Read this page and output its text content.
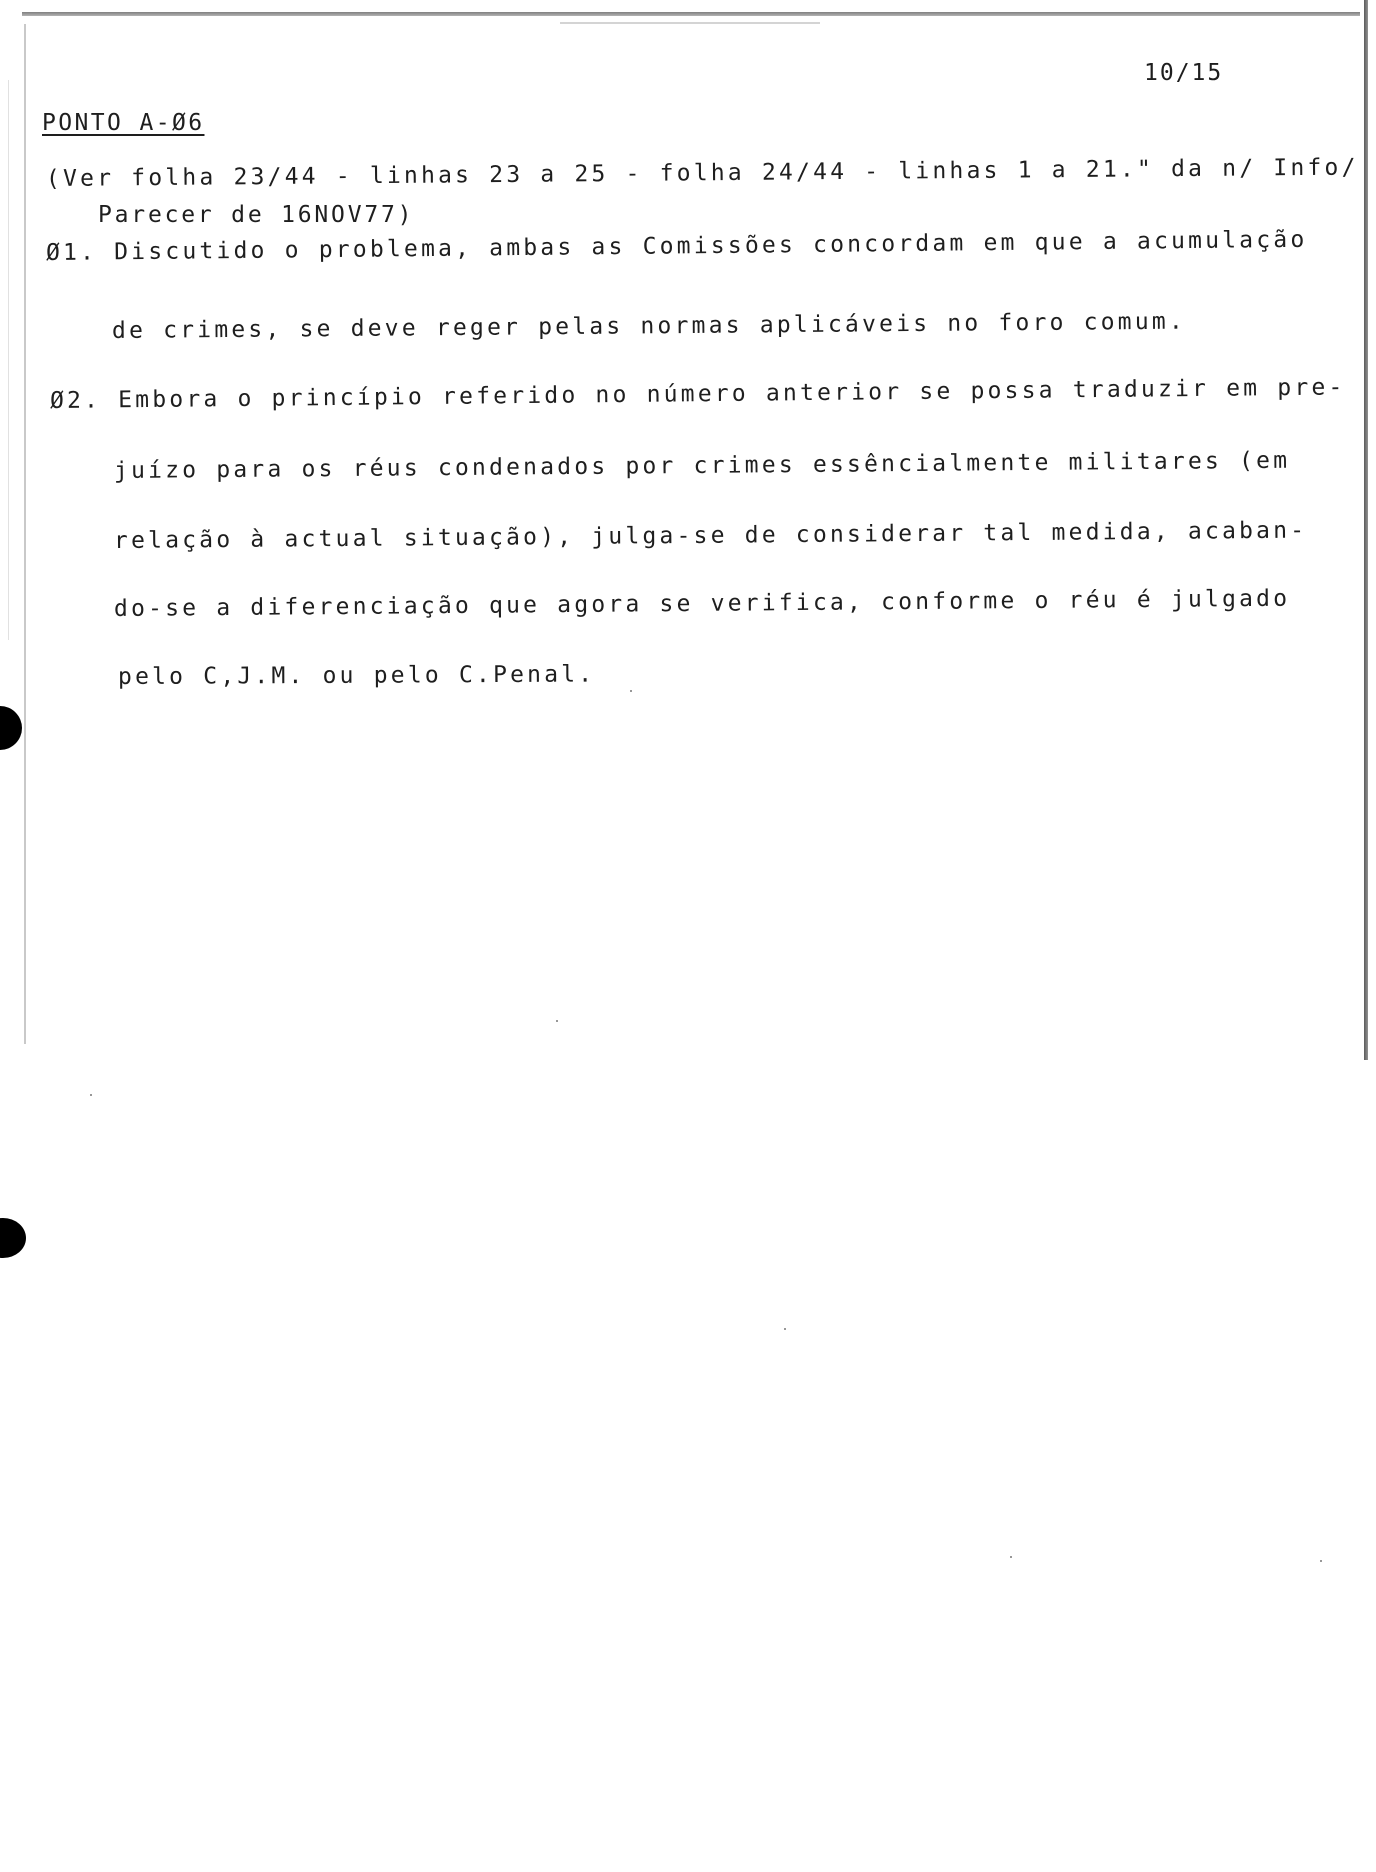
10/15
PONTO A-Ø6
(Ver folha 23/44 - linhas 23 a 25 - folha 24/44 - linhas 1 a 21." da n/ Info/
Parecer de 16NOV77)
Ø1. Discutido o problema, ambas as Comissões concordam em que a acumulação
de crimes, se deve reger pelas normas aplicáveis no foro comum.
Ø2. Embora o princípio referido no número anterior se possa traduzir em pre-
juízo para os réus condenados por crimes essêncialmente militares (em
relação à actual situação), julga-se de considerar tal medida, acaban-
do-se a diferenciação que agora se verifica, conforme o réu é julgado
pelo C,J.M. ou pelo C.Penal.
